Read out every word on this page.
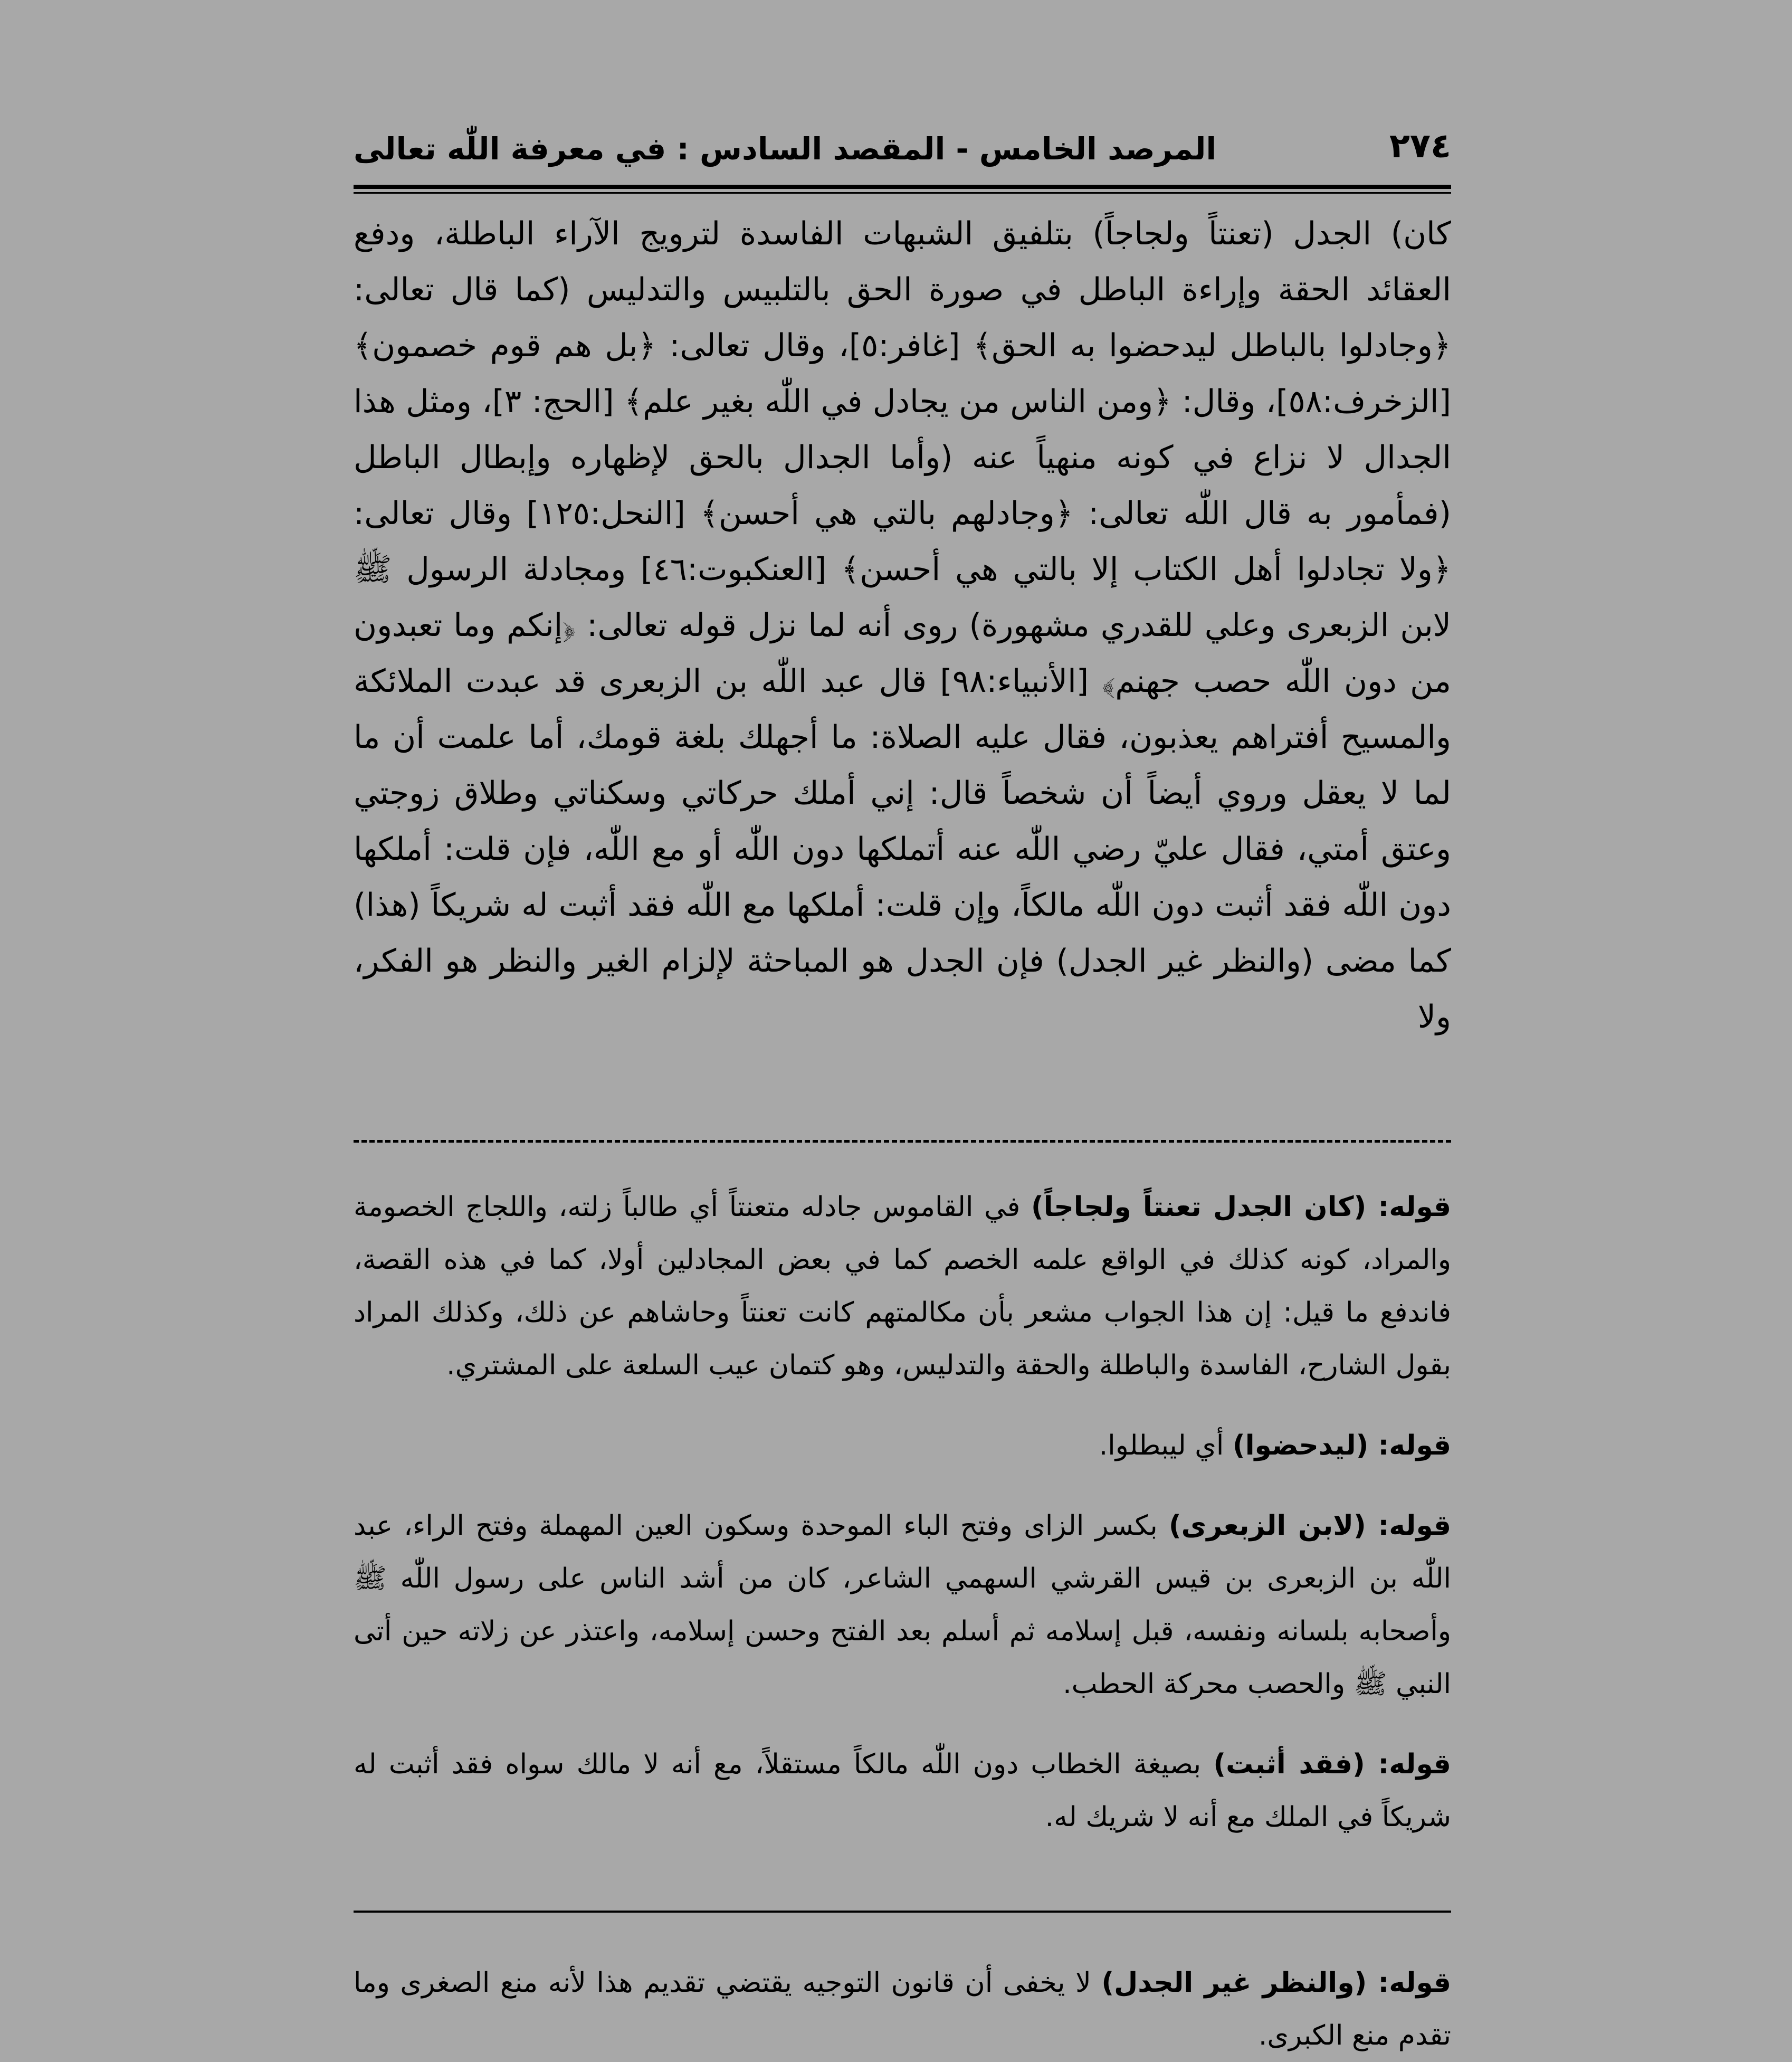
٢٧٤
المرصد الخامس - المقصد السادس : في معرفة اللّٰه تعالى

كان) الجدل (تعنتاً ولجاجاً) بتلفيق الشبهات الفاسدة لترويج الآراء الباطلة، ودفع العقائد الحقة وإراءة الباطل في صورة الحق بالتلبيس والتدليس (كما قال تعالى: ﴿وجادلوا بالباطل ليدحضوا به الحق﴾ [غافر:٥]، وقال تعالى: ﴿بل هم قوم خصمون﴾ [الزخرف:٥٨]، وقال: ﴿ومن الناس من يجادل في اللّٰه بغير علم﴾ [الحج: ٣]، ومثل هذا الجدال لا نزاع في كونه منهياً عنه (وأما الجدال بالحق لإظهاره وإبطال الباطل (فمأمور به قال اللّٰه تعالى: ﴿وجادلهم بالتي هي أحسن﴾ [النحل:١٢٥] وقال تعالى: ﴿ولا تجادلوا أهل الكتاب إلا بالتي هي أحسن﴾ [العنكبوت:٤٦] ومجادلة الرسول ﷺ لابن الزبعرى وعلي للقدري مشهورة) روى أنه لما نزل قوله تعالى: ﴿إنكم وما تعبدون من دون اللّٰه حصب جهنم﴾ [الأنبياء:٩٨] قال عبد اللّٰه بن الزبعرى قد عبدت الملائكة والمسيح أفتراهم يعذبون، فقال عليه الصلاة: ما أجهلك بلغة قومك، أما علمت أن ما لما لا يعقل وروي أيضاً أن شخصاً قال: إني أملك حركاتي وسكناتي وطلاق زوجتي وعتق أمتي، فقال عليّ رضي اللّٰه عنه أتملكها دون اللّٰه أو مع اللّٰه، فإن قلت: أملكها دون اللّٰه فقد أثبت دون اللّٰه مالكاً، وإن قلت: أملكها مع اللّٰه فقد أثبت له شريكاً (هذا) كما مضى (والنظر غير الجدل) فإن الجدل هو المباحثة لإلزام الغير والنظر هو الفكر، ولا

قوله: (كان الجدل تعنتاً ولجاجاً) في القاموس جادله متعنتاً أي طالباً زلته، واللجاج الخصومة والمراد، كونه كذلك في الواقع علمه الخصم كما في بعض المجادلين أولا، كما في هذه القصة، فاندفع ما قيل: إن هذا الجواب مشعر بأن مكالمتهم كانت تعنتاً وحاشاهم عن ذلك، وكذلك المراد بقول الشارح، الفاسدة والباطلة والحقة والتدليس، وهو كتمان عيب السلعة على المشتري.

قوله: (ليدحضوا) أي ليبطلوا.

قوله: (لابن الزبعرى) بكسر الزاى وفتح الباء الموحدة وسكون العين المهملة وفتح الراء، عبد اللّٰه بن الزبعرى بن قيس القرشي السهمي الشاعر، كان من أشد الناس على رسول اللّٰه ﷺ وأصحابه بلسانه ونفسه، قبل إسلامه ثم أسلم بعد الفتح وحسن إسلامه، واعتذر عن زلاته حين أتى النبي ﷺ والحصب محركة الحطب.

قوله: (فقد أثبت) بصيغة الخطاب دون اللّٰه مالكاً مستقلاً، مع أنه لا مالك سواه فقد أثبت له شريكاً في الملك مع أنه لا شريك له.

قوله: (والنظر غير الجدل) لا يخفى أن قانون التوجيه يقتضي تقديم هذا لأنه منع الصغرى وما تقدم منع الكبرى.
